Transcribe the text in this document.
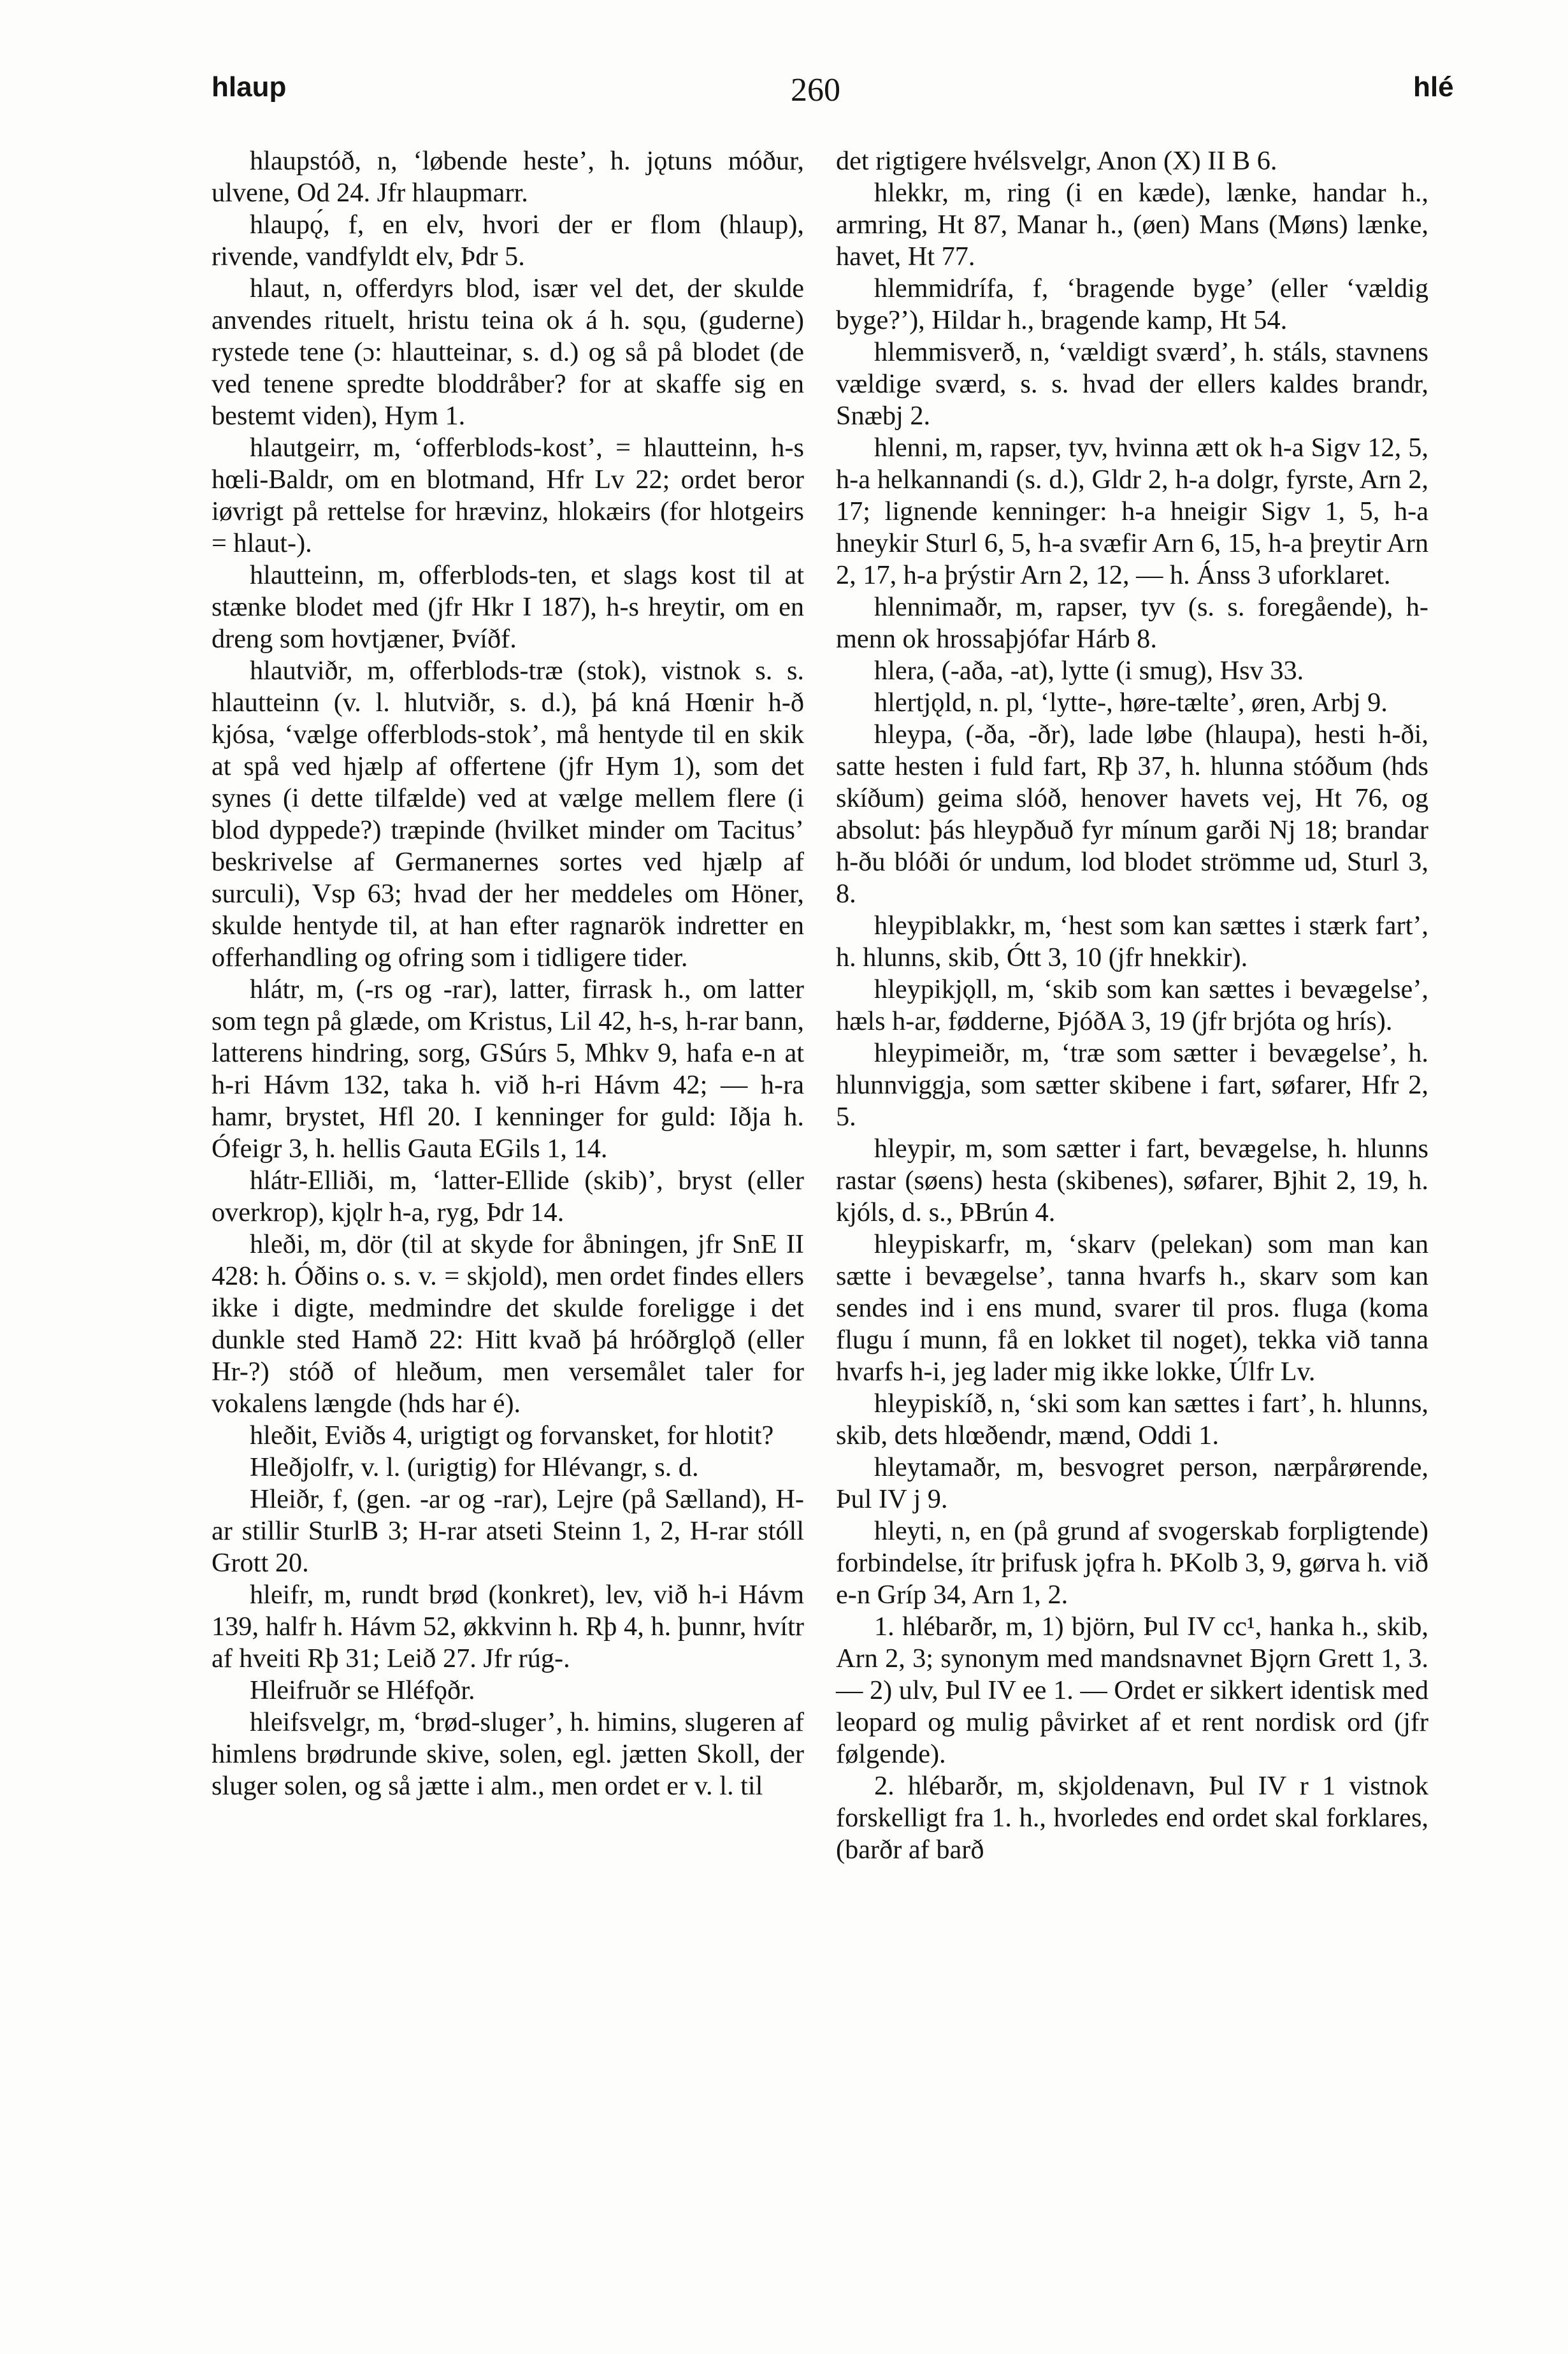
hlaup	260	hlé

hlaupstóð, n, ‘løbende heste’, h. jǫtuns móður, ulvene, Od 24. Jfr hlaupmarr.

hlaupǫ́, f, en elv, hvori der er flom (hlaup), rivende, vandfyldt elv, Þdr 5.

hlaut, n, offerdyrs blod, især vel det, der skulde anvendes rituelt, hristu teina ok á h. sǫu, (guderne) rystede tene (ɔ: hlautteinar, s. d.) og så på blodet (de ved tenene spredte bloddråber? for at skaffe sig en bestemt viden), Hym 1.

hlautgeirr, m, ‘offerblods-kost’, = hlautteinn, h-s hœli-Baldr, om en blotmand, Hfr Lv 22; ordet beror iøvrigt på rettelse for hrævinz, hlokæirs (for hlotgeirs = hlaut-).

hlautteinn, m, offerblods-ten, et slags kost til at stænke blodet med (jfr Hkr I 187), h-s hreytir, om en dreng som hovtjæner, Þvíðf.

hlautviðr, m, offerblods-træ (stok), vistnok s. s. hlautteinn (v. l. hlutviðr, s. d.), þá kná Hœnir h-ð kjósa, ‘vælge offerblods-stok’, må hentyde til en skik at spå ved hjælp af offertene (jfr Hym 1), som det synes (i dette tilfælde) ved at vælge mellem flere (i blod dyppede?) træpinde (hvilket minder om Tacitus’ beskrivelse af Germanernes sortes ved hjælp af surculi), Vsp 63; hvad der her meddeles om Höner, skulde hentyde til, at han efter ragnarök indretter en offerhandling og ofring som i tidligere tider.

hlátr, m, (-rs og -rar), latter, firrask h., om latter som tegn på glæde, om Kristus, Lil 42, h-s, h-rar bann, latterens hindring, sorg, GSúrs 5, Mhkv 9, hafa e-n at h-ri Hávm 132, taka h. við h-ri Hávm 42; — h-ra hamr, brystet, Hfl 20. I kenninger for guld: Iðja h. Ófeigr 3, h. hellis Gauta EGils 1, 14.

hlátr-Elliði, m, ‘latter-Ellide (skib)’, bryst (eller overkrop), kjǫlr h-a, ryg, Þdr 14.

hleði, m, dör (til at skyde for åbningen, jfr SnE II 428: h. Óðins o. s. v. = skjold), men ordet findes ellers ikke i digte, medmindre det skulde foreligge i det dunkle sted Hamð 22: Hitt kvað þá hróðrglǫð (eller Hr-?) stóð of hleðum, men versemålet taler for vokalens længde (hds har é).

hleðit, Eviðs 4, urigtigt og forvansket, for hlotit?

Hleðjolfr, v. l. (urigtig) for Hlévangr, s. d.

Hleiðr, f, (gen. -ar og -rar), Lejre (på Sælland), H-ar stillir SturlB 3; H-rar atseti Steinn 1, 2, H-rar stóll Grott 20.

hleifr, m, rundt brød (konkret), lev, við h-i Hávm 139, halfr h. Hávm 52, økkvinn h. Rþ 4, h. þunnr, hvítr af hveiti Rþ 31; Leið 27. Jfr rúg-.

Hleifruðr se Hléfǫðr.

hleifsvelgr, m, ‘brød-sluger’, h. himins, slugeren af himlens brødrunde skive, solen, egl. jætten Skoll, der sluger solen, og så jætte i alm., men ordet er v. l. til

det rigtigere hvélsvelgr, Anon (X) II B 6.

hlekkr, m, ring (i en kæde), lænke, handar h., armring, Ht 87, Manar h., (øen) Mans (Møns) lænke, havet, Ht 77.

hlemmidrífa, f, ‘bragende byge’ (eller ‘vældig byge?’), Hildar h., bragende kamp, Ht 54.

hlemmisverð, n, ‘vældigt sværd’, h. stáls, stavnens vældige sværd, s. s. hvad der ellers kaldes brandr, Snæbj 2.

hlenni, m, rapser, tyv, hvinna ætt ok h-a Sigv 12, 5, h-a helkannandi (s. d.), Gldr 2, h-a dolgr, fyrste, Arn 2, 17; lignende kenninger: h-a hneigir Sigv 1, 5, h-a hneykir Sturl 6, 5, h-a svæfir Arn 6, 15, h-a þreytir Arn 2, 17, h-a þrýstir Arn 2, 12, — h. Ánss 3 uforklaret.

hlennimaðr, m, rapser, tyv (s. s. foregående), h-menn ok hrossaþjófar Hárb 8.

hlera, (-aða, -at), lytte (i smug), Hsv 33.

hlertjǫld, n. pl, ‘lytte-, høre-tælte’, øren, Arbj 9.

hleypa, (-ða, -ðr), lade løbe (hlaupa), hesti h-ði, satte hesten i fuld fart, Rþ 37, h. hlunna stóðum (hds skíðum) geima slóð, henover havets vej, Ht 76, og absolut: þás hleypðuð fyr mínum garði Nj 18; brandar h-ðu blóði ór undum, lod blodet strömme ud, Sturl 3, 8.

hleypiblakkr, m, ‘hest som kan sættes i stærk fart’, h. hlunns, skib, Ótt 3, 10 (jfr hnekkir).

hleypikjǫll, m, ‘skib som kan sættes i bevægelse’, hæls h-ar, fødderne, ÞjóðA 3, 19 (jfr brjóta og hrís).

hleypimeiðr, m, ‘træ som sætter i bevægelse’, h. hlunnviggja, som sætter skibene i fart, søfarer, Hfr 2, 5.

hleypir, m, som sætter i fart, bevægelse, h. hlunns rastar (søens) hesta (skibenes), søfarer, Bjhit 2, 19, h. kjóls, d. s., ÞBrún 4.

hleypiskarfr, m, ‘skarv (pelekan) som man kan sætte i bevægelse’, tanna hvarfs h., skarv som kan sendes ind i ens mund, svarer til pros. fluga (koma flugu í munn, få en lokket til noget), tekka við tanna hvarfs h-i, jeg lader mig ikke lokke, Úlfr Lv.

hleypiskíð, n, ‘ski som kan sættes i fart’, h. hlunns, skib, dets hlœðendr, mænd, Oddi 1.

hleytamaðr, m, besvogret person, nærpårørende, Þul IV j 9.

hleyti, n, en (på grund af svogerskab forpligtende) forbindelse, ítr þrifusk jǫfra h. ÞKolb 3, 9, gørva h. við e-n Gríp 34, Arn 1, 2.

1. hlébarðr, m, 1) björn, Þul IV cc¹, hanka h., skib, Arn 2, 3; synonym med mandsnavnet Bjǫrn Grett 1, 3. — 2) ulv, Þul IV ee 1. — Ordet er sikkert identisk med leopard og mulig påvirket af et rent nordisk ord (jfr følgende).

2. hlébarðr, m, skjoldenavn, Þul IV r 1 vistnok forskelligt fra 1. h., hvorledes end ordet skal forklares, (barðr af barð
